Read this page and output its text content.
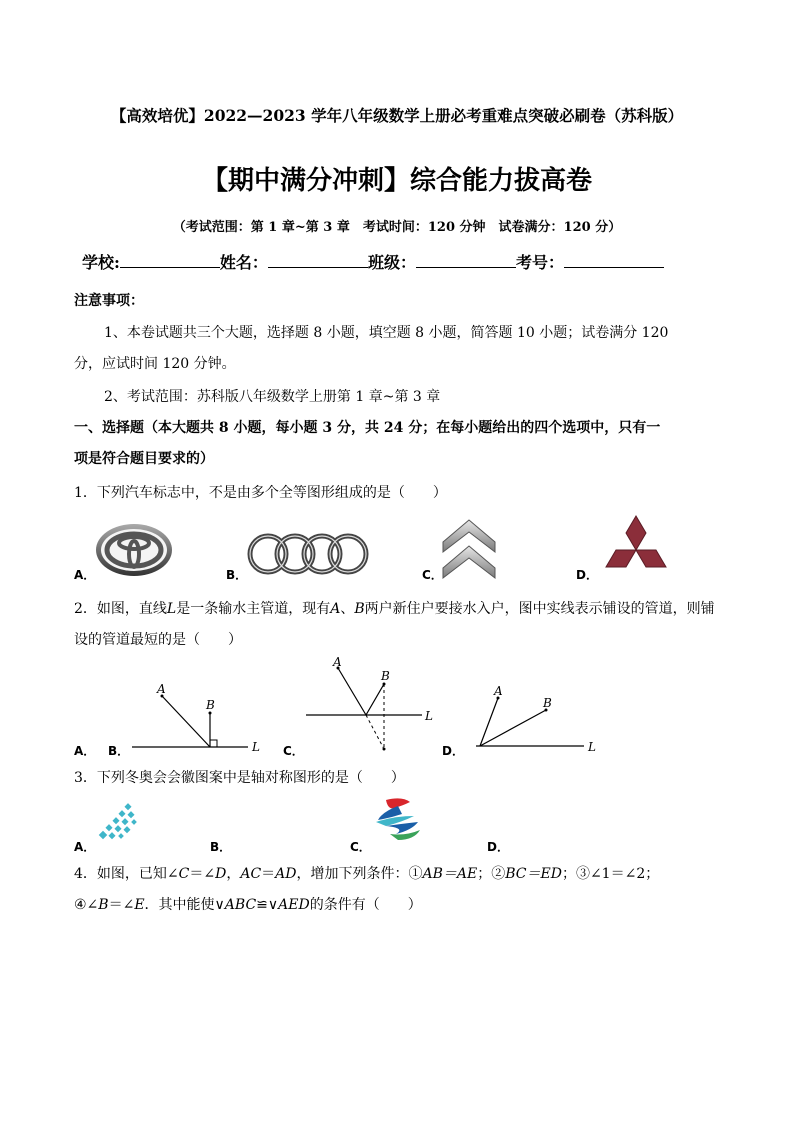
【高效培优】2022—2023 学年八年级数学上册必考重难点突破必刷卷（苏科版）
【期中满分冲刺】综合能力拔高卷
（考试范围：第 1 章~第 3 章　考试时间：120 分钟　试卷满分：120 分）
学校:	姓名：	班级：	考号：
注意事项：
1、本卷试题共三个大题，选择题 8 小题，填空题 8 小题，简答题 10 小题；试卷满分 120
分，应试时间 120 分钟。
2、考试范围：苏科版八年级数学上册第 1 章~第 3 章
一、选择题（本大题共 8 小题，每小题 3 分，共 24 分；在每小题给出的四个选项中，只有一
项是符合题目要求的）
1．下列汽车标志中，不是由多个全等图形组成的是（　　）
A．	B．	C．	D．
2．如图，直线L是一条输水主管道，现有A、B两户新住户要接水入户，图中实线表示铺设的管道，则铺
设的管道最短的是（　　）
A． B．	C．	D．
A
B
L
A
B
L
A
B
L
3．下列冬奥会会徽图案中是轴对称图形的是（　　）
A．	B．	C．	D．
4．如图，已知∠C＝∠D，AC＝AD，增加下列条件：①AB＝AE；②BC＝ED；③∠1＝∠2；
④∠B＝∠E．其中能使∨ABC≌∨AED的条件有（　　）
